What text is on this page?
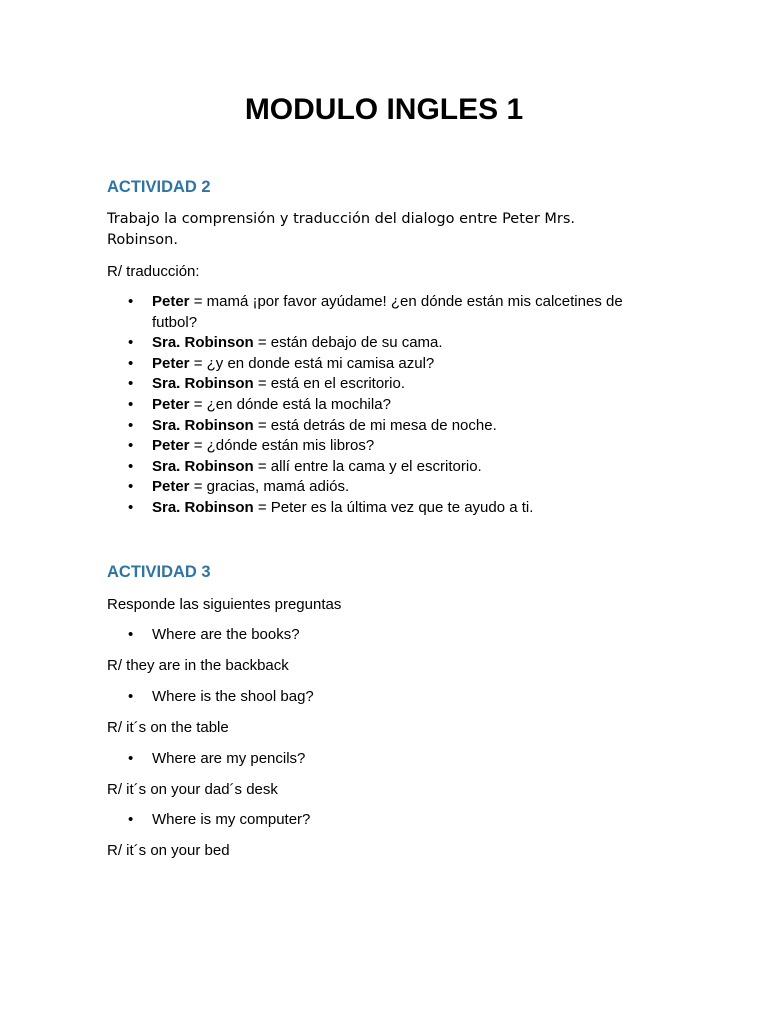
MODULO INGLES 1
ACTIVIDAD 2

Trabajo la comprensión y traducción del dialogo entre Peter Mrs. Robinson.

R/ traducción:

• Peter = mamá ¡por favor ayúdame! ¿en dónde están mis calcetines de futbol?
• Sra. Robinson = están debajo de su cama.
• Peter = ¿y en donde está mi camisa azul?
• Sra. Robinson = está en el escritorio.
• Peter = ¿en dónde está la mochila?
• Sra. Robinson = está detrás de mi mesa de noche.
• Peter = ¿dónde están mis libros?
• Sra. Robinson = allí entre la cama y el escritorio.
• Peter = gracias, mamá adiós.
• Sra. Robinson = Peter es la última vez que te ayudo a ti.
ACTIVIDAD 3

Responde las siguientes preguntas

• Where are the books?

R/ they are in the backback

• Where is the shool bag?

R/ it´s on the table

• Where are my pencils?

R/ it´s on your dad´s desk

• Where is my computer?

R/ it´s on your bed
